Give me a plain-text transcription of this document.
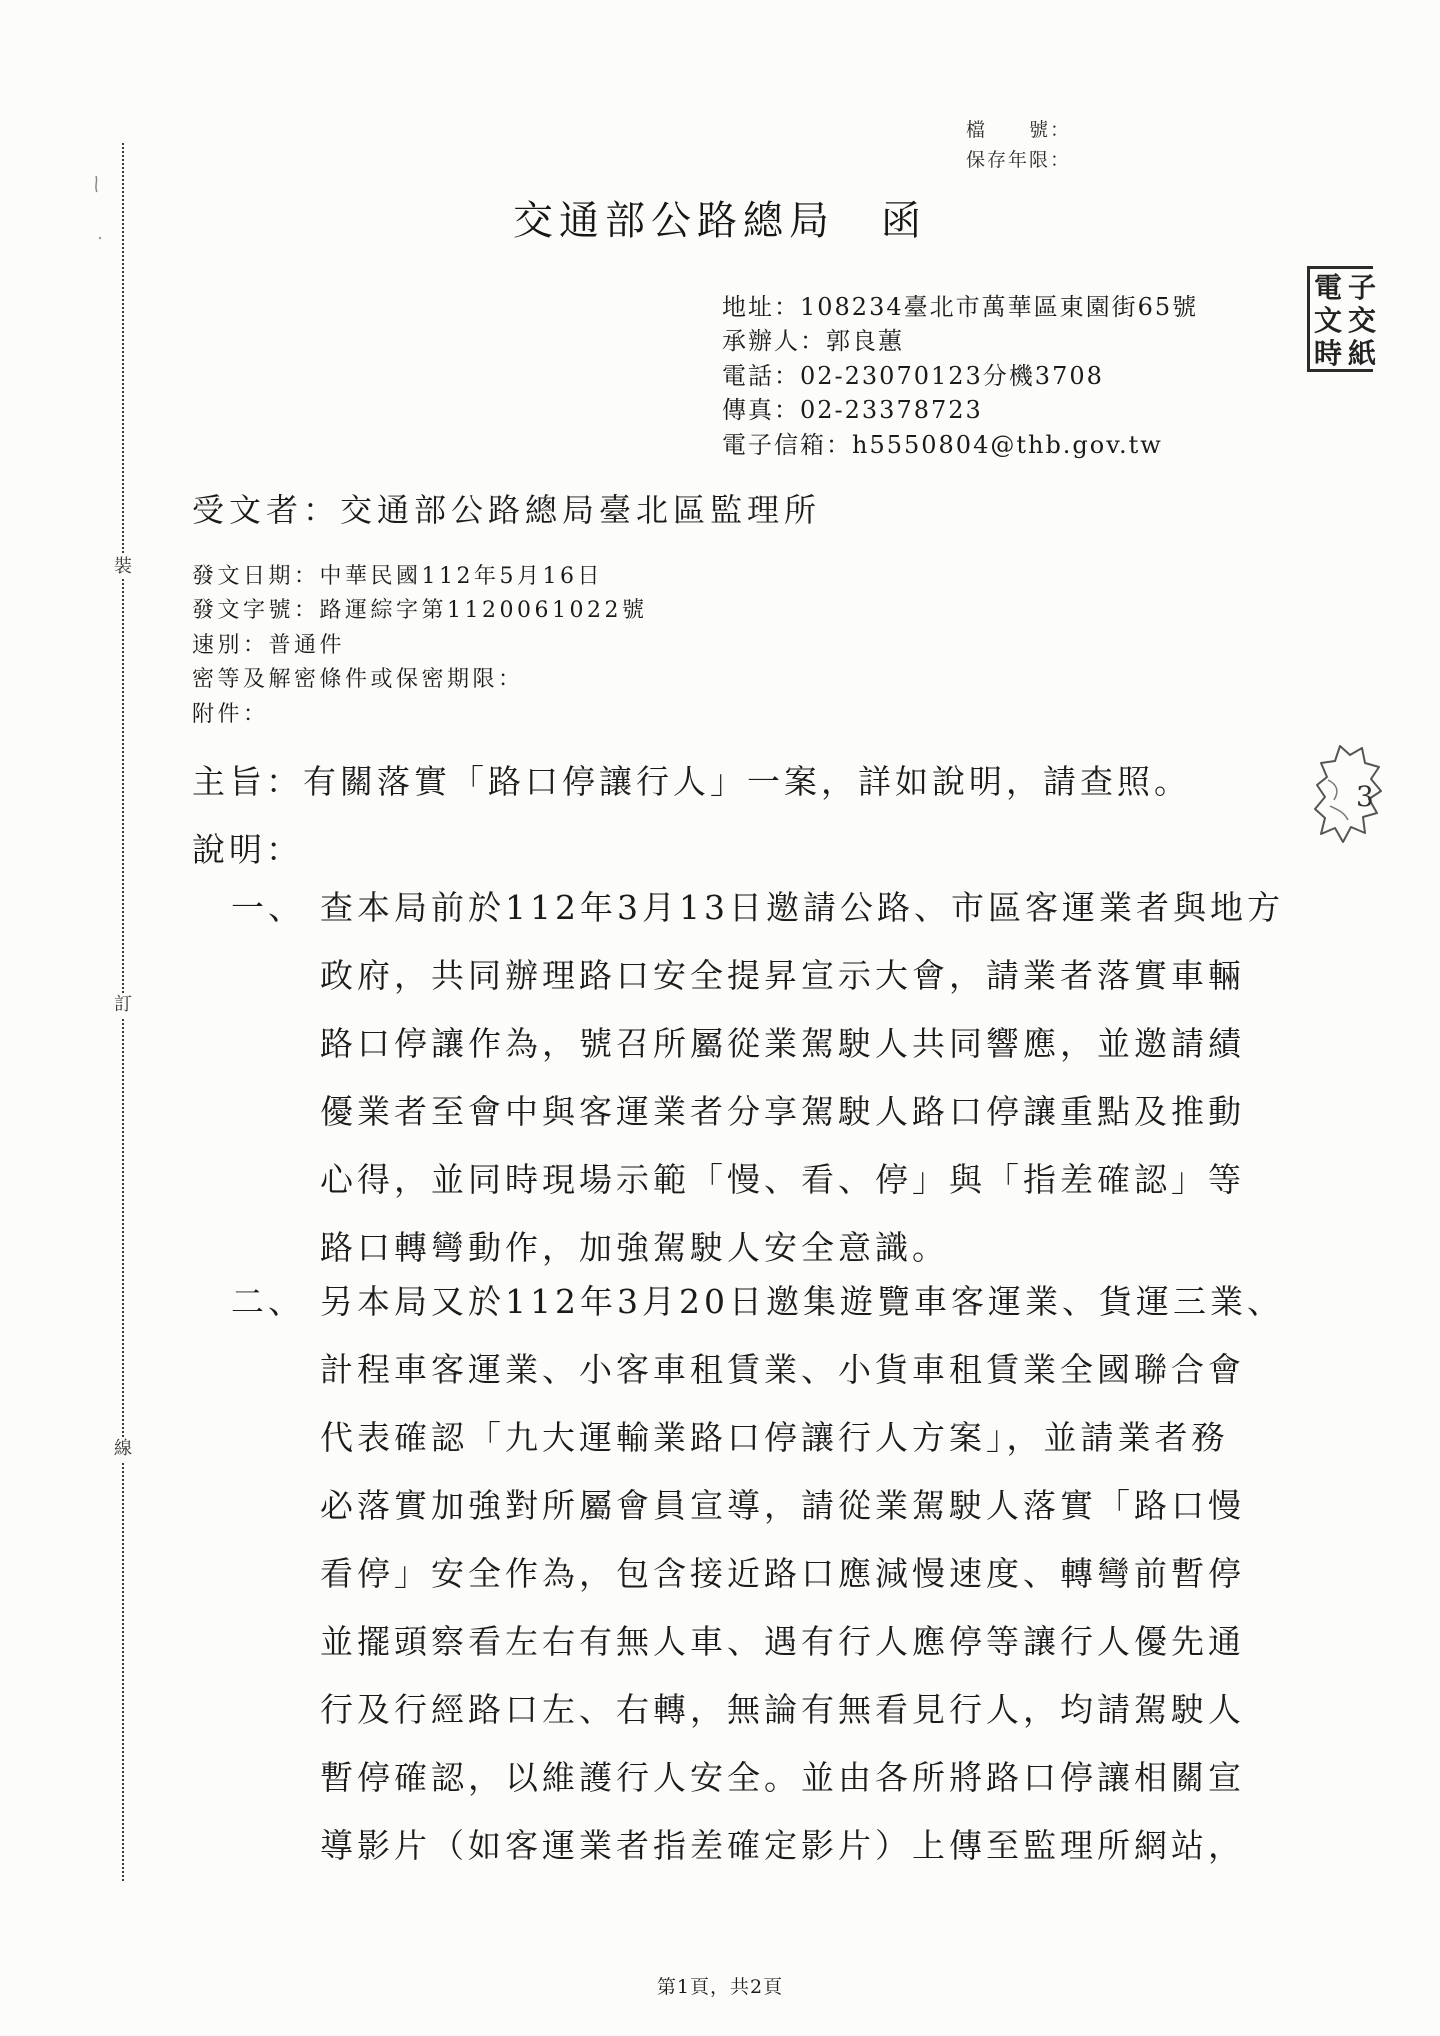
裝
訂
線
檔　　號：
保存年限：
交通部公路總局　函
地址：108234臺北市萬華區東園街65號
承辦人：郭良蕙
電話：02-23070123分機3708
傳真：02-23378723
電子信箱：h5550804@thb.gov.tw
電 子
文 交
時 紙
3
受文者：交通部公路總局臺北區監理所
發文日期：中華民國112年5月16日
發文字號：路運綜字第1120061022號
速別：普通件
密等及解密條件或保密期限：
附件：
主旨：有關落實「路口停讓行人」一案，詳如說明，請查照。
說明：
一、 查本局前於112年3月13日邀請公路、市區客運業者與地方
政府，共同辦理路口安全提昇宣示大會，請業者落實車輛
路口停讓作為，號召所屬從業駕駛人共同響應，並邀請績
優業者至會中與客運業者分享駕駛人路口停讓重點及推動
心得，並同時現場示範「慢、看、停」與「指差確認」等
路口轉彎動作，加強駕駛人安全意識。
二、 另本局又於112年3月20日邀集遊覽車客運業、貨運三業、
計程車客運業、小客車租賃業、小貨車租賃業全國聯合會
代表確認「九大運輸業路口停讓行人方案」，並請業者務
必落實加強對所屬會員宣導，請從業駕駛人落實「路口慢
看停」安全作為，包含接近路口應減慢速度、轉彎前暫停
並擺頭察看左右有無人車、遇有行人應停等讓行人優先通
行及行經路口左、右轉，無論有無看見行人，均請駕駛人
暫停確認，以維護行人安全。並由各所將路口停讓相關宣
導影片（如客運業者指差確定影片）上傳至監理所網站，
第1頁，共2頁
